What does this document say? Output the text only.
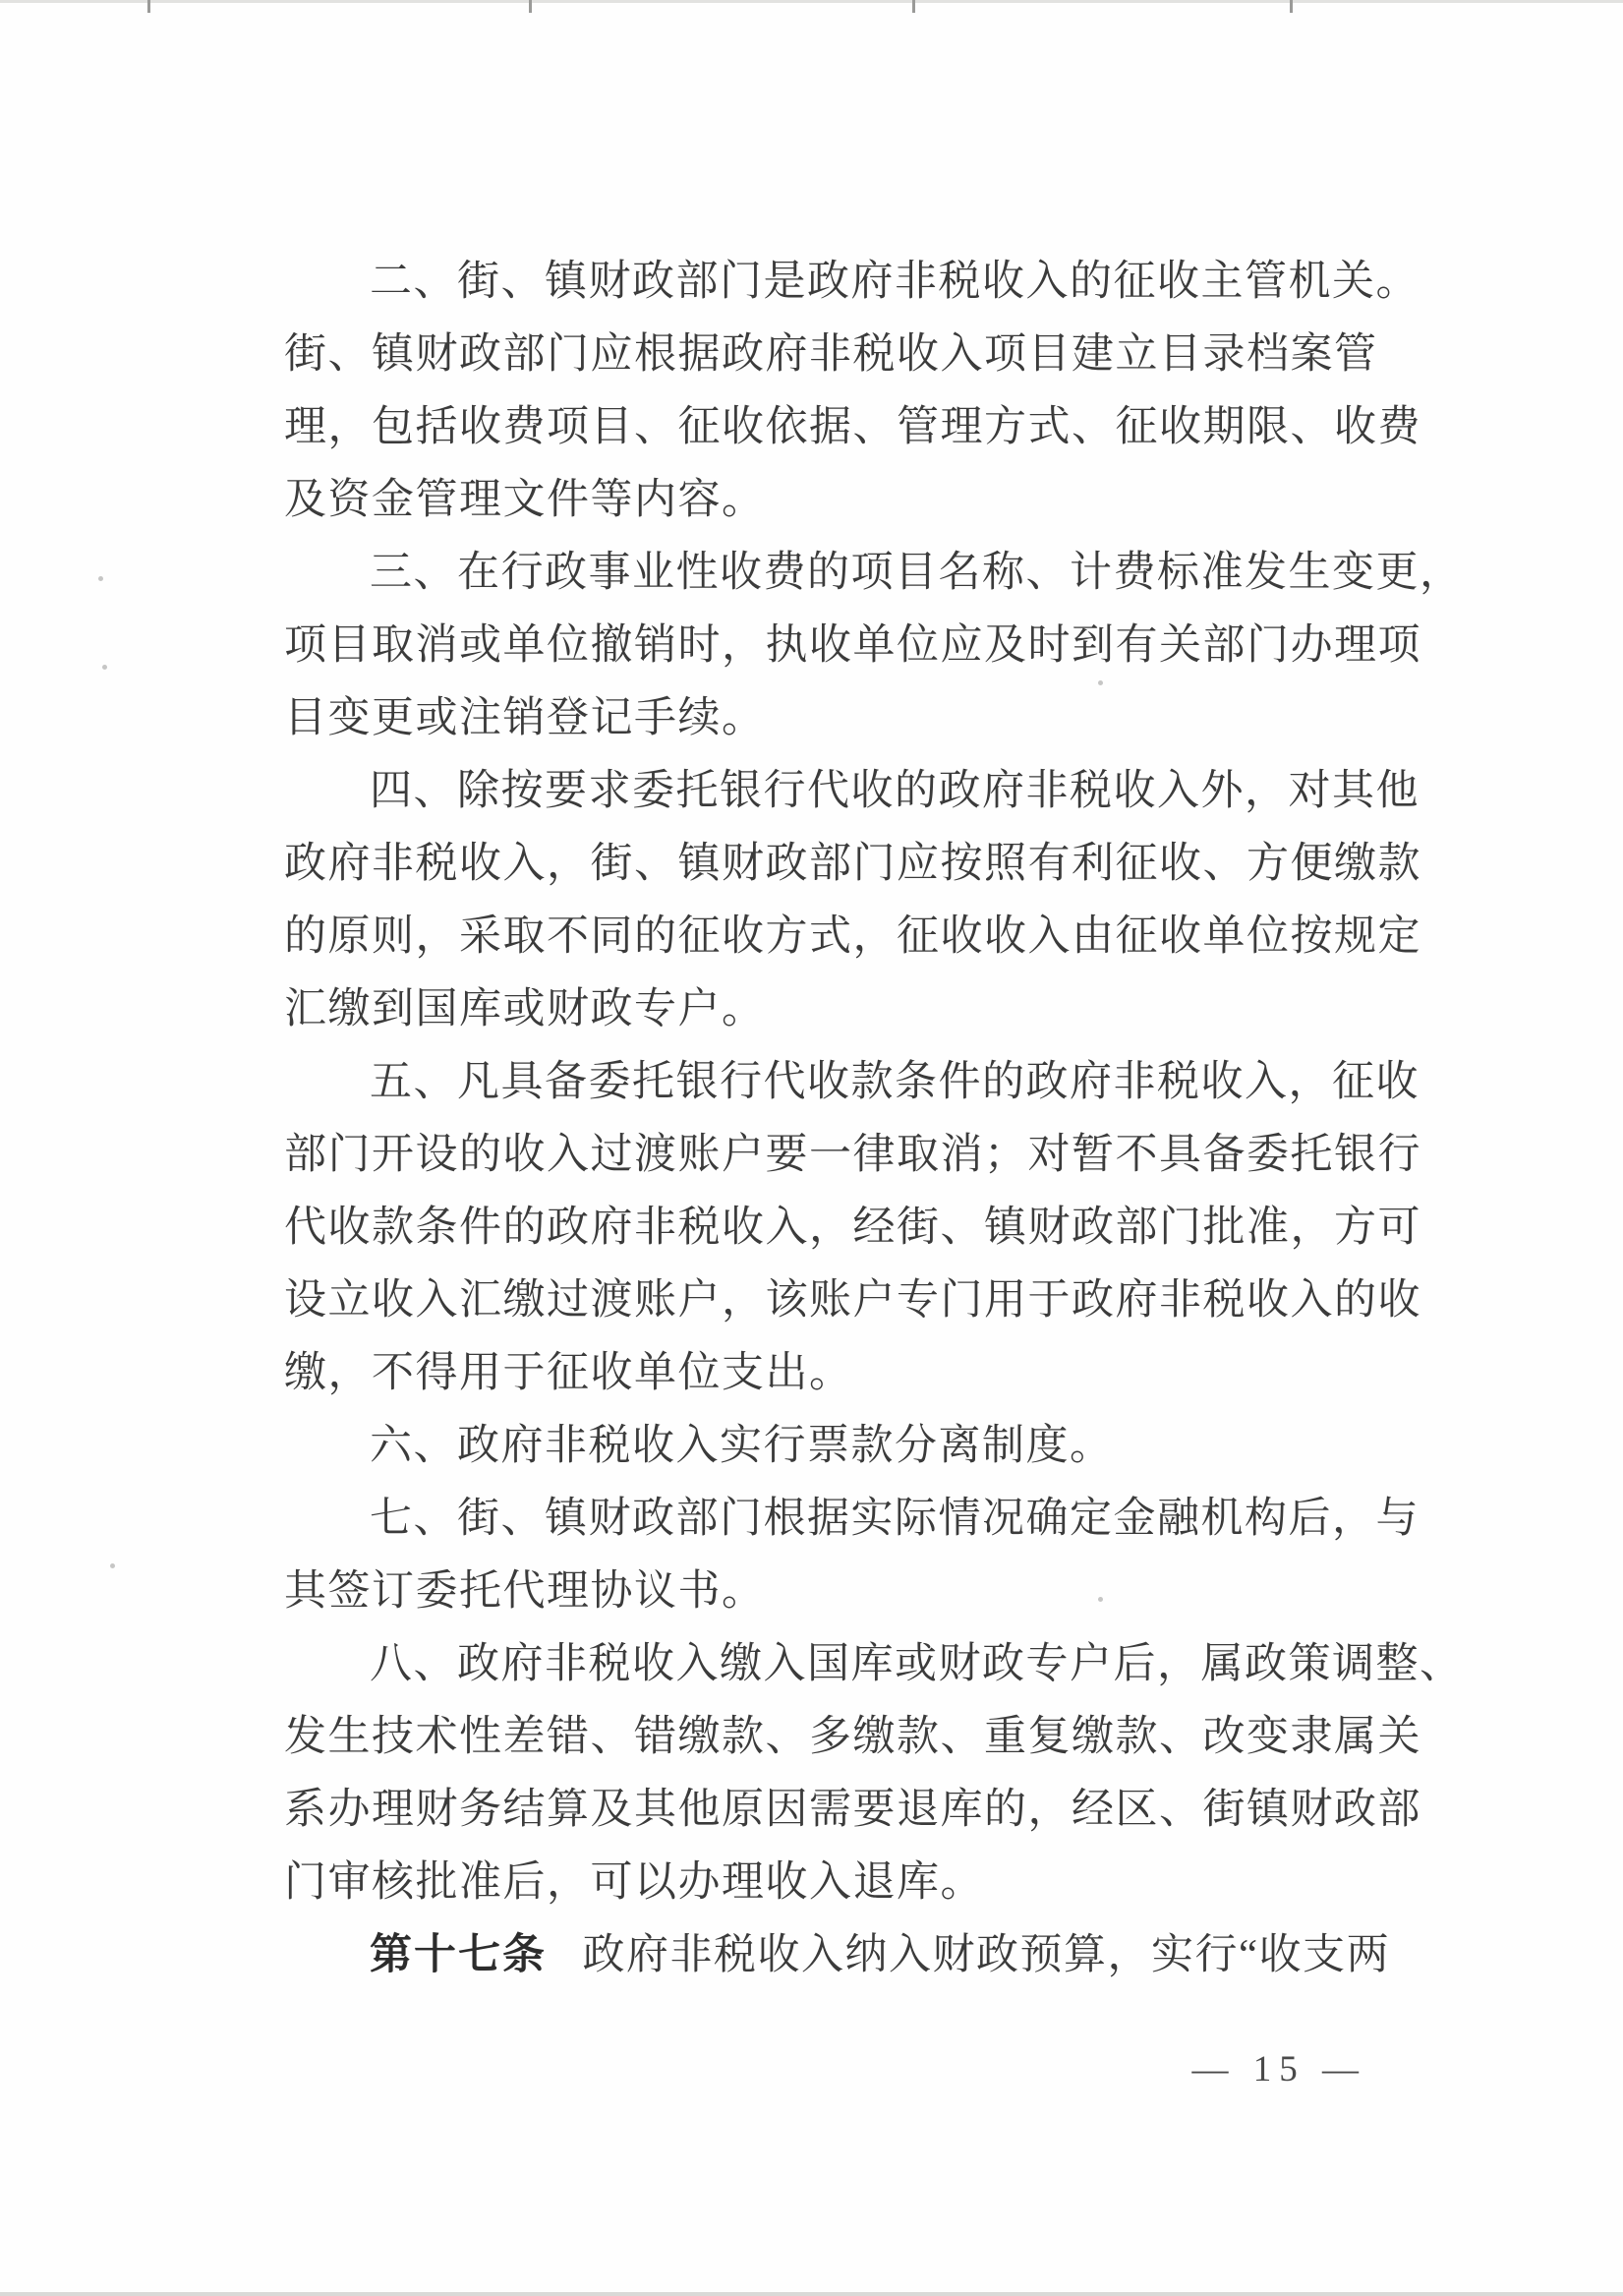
二、街、镇财政部门是政府非税收入的征收主管机关。
街、镇财政部门应根据政府非税收入项目建立目录档案管
理，包括收费项目、征收依据、管理方式、征收期限、收费
及资金管理文件等内容。
三、在行政事业性收费的项目名称、计费标准发生变更，
项目取消或单位撤销时，执收单位应及时到有关部门办理项
目变更或注销登记手续。
四、除按要求委托银行代收的政府非税收入外，对其他
政府非税收入，街、镇财政部门应按照有利征收、方便缴款
的原则，采取不同的征收方式，征收收入由征收单位按规定
汇缴到国库或财政专户。
五、凡具备委托银行代收款条件的政府非税收入，征收
部门开设的收入过渡账户要一律取消；对暂不具备委托银行
代收款条件的政府非税收入，经街、镇财政部门批准，方可
设立收入汇缴过渡账户，该账户专门用于政府非税收入的收
缴，不得用于征收单位支出。
六、政府非税收入实行票款分离制度。
七、街、镇财政部门根据实际情况确定金融机构后，与
其签订委托代理协议书。
八、政府非税收入缴入国库或财政专户后，属政策调整、
发生技术性差错、错缴款、多缴款、重复缴款、改变隶属关
系办理财务结算及其他原因需要退库的，经区、街镇财政部
门审核批准后，可以办理收入退库。
第十七条 政府非税收入纳入财政预算，实行“收支两
— 15 —
